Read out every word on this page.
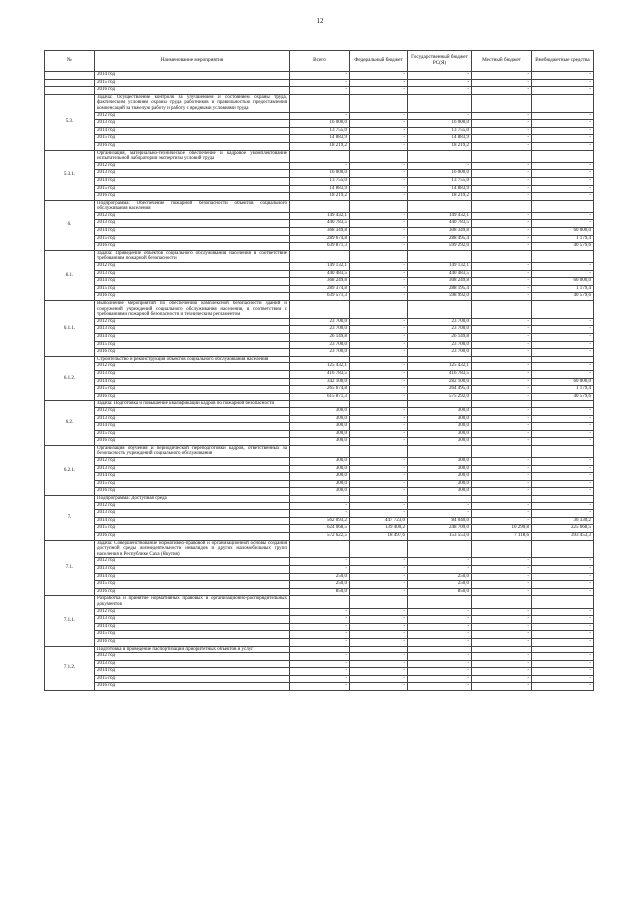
12
№	Наименование мероприятия	Всего	Федеральный бюджет	Государственный бюджет РС(Я)	Местный бюджет	Внебюджетные средства
	2014 год	-	-	-	-	-
	2015 год	-	-	-	-	-
	2016 год	-	-	-	-	-
5.3.	Задача: Осуществление контроля за улучшением и состоянием охраны труда, фактическим условиям охраны труда работников и правильностью предоставления компенсаций за тяжелую работу и работу с вредными условиями труда					
	2012 год	-	-	-	-	-
	2013 год	16 000,0	-	16 000,0	-	-
	2014 год	13 755,0	-	13 755,0	-	-
	2015 год	14 883,9	-	14 883,9	-	-
	2016 год	18 219,2	-	18 219,2	-	-
5.3.1.	Организация, материально-техническое обеспечение и кадровое укомплектование испытательной лаборатории экспертизы условий труда					
	2012 год	-	-	-	-	-
	2013 год	16 000,0	-	16 000,0	-	-
	2014 год	13 755,0	-	13 755,0	-	-
	2015 год	14 883,9	-	14 883,9	-	-
	2016 год	18 219,2	-	18 219,2	-	-
6.	Подпрограмма: Обеспечение пожарной безопасности объектов социального обслуживания населения					
	2012 год	149 432,1	-	149 432,1	-	-
	2013 год	440 783,5	-	440 783,5	-	-
	2014 год	368 349,8	-	308 349,8	-	60 000,0
	2015 год	289 674,8	-	288 495,4	-	1 179,4
	2016 год	639 871,3	-	599 292,0	-	40 579,6
6.1.	Задача: Приведение объектов социального обслуживания населения в соответствие требованиям пожарной безопасности					
	2012 год	149 132,1	-	149 132,1	-	-
	2013 год	440 483,5	-	440 483,5	-	-
	2014 год	368 249,8	-	308 249,8	-	60 000,0
	2015 год	289 374,8	-	288 195,4	-	1 179,4
	2016 год	639 571,3	-	598 992,0	-	40 579,6
6.1.1.	Выполнение мероприятий по обеспечению комплексной безопасности зданий и сооружений учреждений социального обслуживания населения, в соответствии с требованиями пожарной безопасности и техническим регламентом					
	2012 год	23 700,0	-	23 700,0	-	-
	2013 год	23 700,0	-	23 700,0	-	-
	2014 год	26 149,8	-	26 149,8	-	-
	2015 год	23 700,0	-	23 700,0	-	-
	2016 год	23 700,0	-	23 700,0	-	-
6.1.2.	Строительство и реконструкция объектов социального обслуживания населения					
	2012 год	125 432,1	-	125 432,1	-	-
	2013 год	416 783,5	-	416 783,5	-	-
	2014 год	342 100,0	-	282 100,0	-	60 000,0
	2015 год	265 674,8	-	264 495,4	-	1 179,4
	2016 год	615 871,3	-	575 292,0	-	40 579,6
6.2.	Задача: Подготовка и повышение квалификации кадров по пожарной безопасности					
	2012 год	300,0	-	300,0	-	-
	2013 год	300,0	-	300,0	-	-
	2014 год	300,0	-	300,0	-	-
	2015 год	300,0	-	300,0	-	-
	2016 год	300,0	-	300,0	-	-
6.2.1.	Организация обучения и периодической переподготовки кадров, ответственных за безопасность учреждений социального обслуживания					
	2012 год	300,0	-	300,0	-	-
	2013 год	300,0	-	300,0	-	-
	2014 год	300,0	-	300,0	-	-
	2015 год	300,0	-	300,0	-	-
	2016 год	300,0	-	300,0	-	-
7.	Подпрограмма: Доступная среда					
	2012 год	-	-	-	-	-
	2013 год	-	-	-	-	-
	2014 год	562 093,2	447 723,0	84 040,0	-	30 330,2
	2015 год	624 068,5	139 400,2	248 709,0	10 290,8	225 668,5
	2016 год	572 622,5	18 497,6	153 553,0	7 118,6	393 453,3
7.1.	Задача: Совершенствование нормативно-правовой и организационной основы создания доступной среды жизнедеятельности инвалидов и других маломобильных групп населения в Республике Саха (Якутия)					
	2012 год	-	-	-	-	-
	2013 год	-	-	-	-	-
	2014 год	250,0	-	250,0	-	-
	2015 год	250,0	-	250,0	-	-
	2016 год	850,0	-	850,0	-	-
7.1.1.	Разработка и принятие нормативных правовых и организационно-распорядительных документов					
	2012 год	-	-	-	-	-
	2013 год	-	-	-	-	-
	2014 год	-	-	-	-	-
	2015 год	-	-	-	-	-
	2016 год	-	-	-	-	-
7.1.2.	Подготовка и проведение паспортизации приоритетных объектов и услуг					
	2012 год	-	-	-	-	-
	2013 год	-	-	-	-	-
	2014 год	-	-	-	-	-
	2015 год	-	-	-	-	-
	2016 год	-	-	-	-	-
